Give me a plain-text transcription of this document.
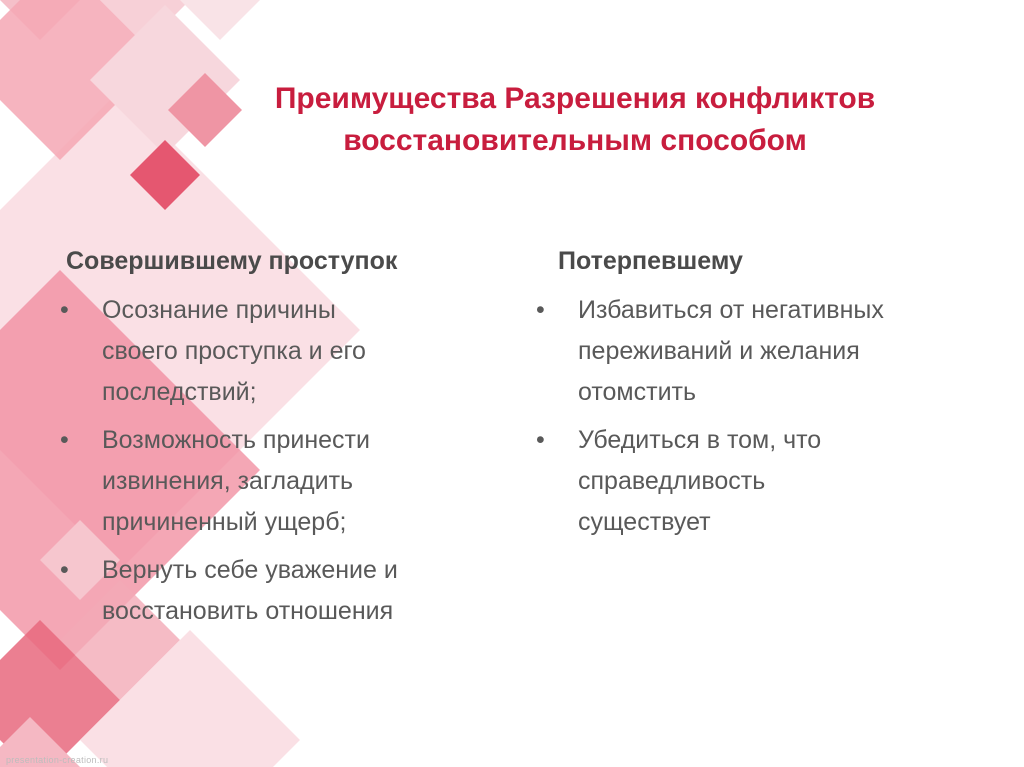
Преимущества Разрешения конфликтов
восстановительным способом
Совершившему проступок
•	Осознание причины
своего проступка и его
последствий;
•	Возможность принести
извинения, загладить
причиненный ущерб;
•	Вернуть себе уважение и
восстановить отношения
Потерпевшему
•	Избавиться от негативных
переживаний и желания
отомстить
•	Убедиться в том, что
справедливость
существует
presentation-creation.ru
